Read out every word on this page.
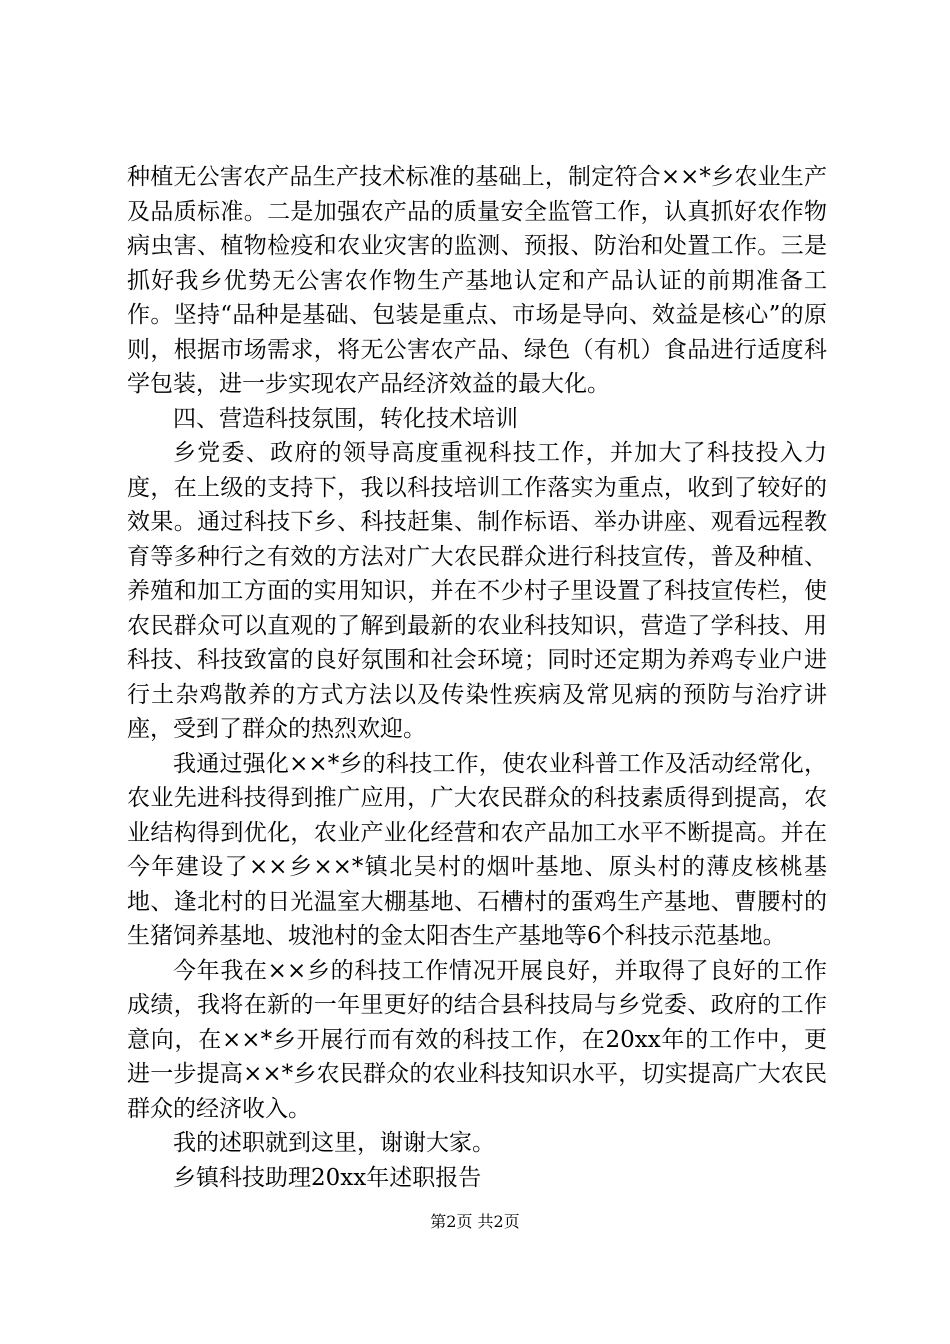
种植无公害农产品生产技术标准的基础上，制定符合××*乡农业生产及品质标准。二是加强农产品的质量安全监管工作，认真抓好农作物病虫害、植物检疫和农业灾害的监测、预报、防治和处置工作。三是抓好我乡优势无公害农作物生产基地认定和产品认证的前期准备工作。坚持“品种是基础、包装是重点、市场是导向、效益是核心”的原则，根据市场需求，将无公害农产品、绿色（有机）食品进行适度科学包装，进一步实现农产品经济效益的最大化。

四、营造科技氛围，转化技术培训

乡党委、政府的领导高度重视科技工作，并加大了科技投入力度，在上级的支持下，我以科技培训工作落实为重点，收到了较好的效果。通过科技下乡、科技赶集、制作标语、举办讲座、观看远程教育等多种行之有效的方法对广大农民群众进行科技宣传，普及种植、养殖和加工方面的实用知识，并在不少村子里设置了科技宣传栏，使农民群众可以直观的了解到最新的农业科技知识，营造了学科技、用科技、科技致富的良好氛围和社会环境；同时还定期为养鸡专业户进行土杂鸡散养的方式方法以及传染性疾病及常见病的预防与治疗讲座，受到了群众的热烈欢迎。

我通过强化××*乡的科技工作，使农业科普工作及活动经常化，农业先进科技得到推广应用，广大农民群众的科技素质得到提高，农业结构得到优化，农业产业化经营和农产品加工水平不断提高。并在今年建设了××乡××*镇北吴村的烟叶基地、原头村的薄皮核桃基地、逢北村的日光温室大棚基地、石槽村的蛋鸡生产基地、曹腰村的生猪饲养基地、坡池村的金太阳杏生产基地等6个科技示范基地。

今年我在××乡的科技工作情况开展良好，并取得了良好的工作成绩，我将在新的一年里更好的结合县科技局与乡党委、政府的工作意向，在××*乡开展行而有效的科技工作，在20xx年的工作中，更进一步提高××*乡农民群众的农业科技知识水平，切实提高广大农民群众的经济收入。

我的述职就到这里，谢谢大家。

乡镇科技助理20xx年述职报告

第2页 共2页
